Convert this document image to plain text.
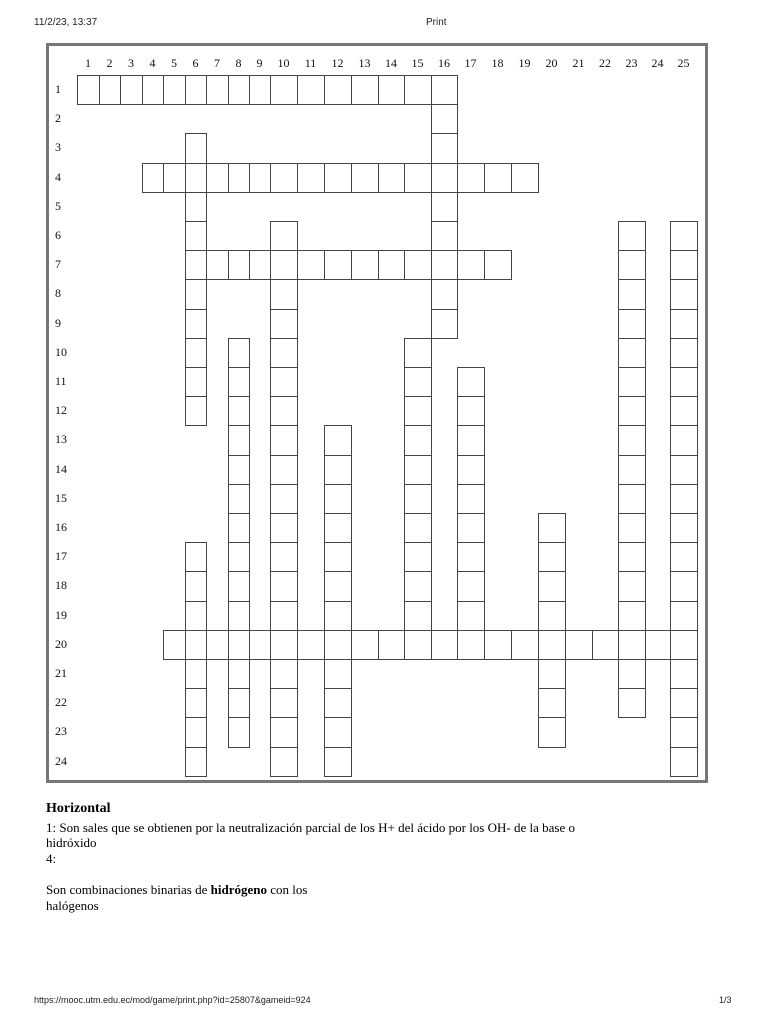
11/2/23, 13:37	Print
1	2	3	4	5	6	7	8	9	10	11	12	13	14	15	16	17	18	19	20	21	22	23	24	25
1
2
3
4
5
6
7
8
9
10
11
12
13
14
15
16
17
18
19
20
21
22
23
24
Horizontal
1: Son sales que se obtienen por la neutralización parcial de los H+ del ácido por los OH- de la base o
hidróxido
4:
Son combinaciones binarias de hidrógeno con los
halógenos
https://mooc.utm.edu.ec/mod/game/print.php?id=25807&gameid=924	1/3
